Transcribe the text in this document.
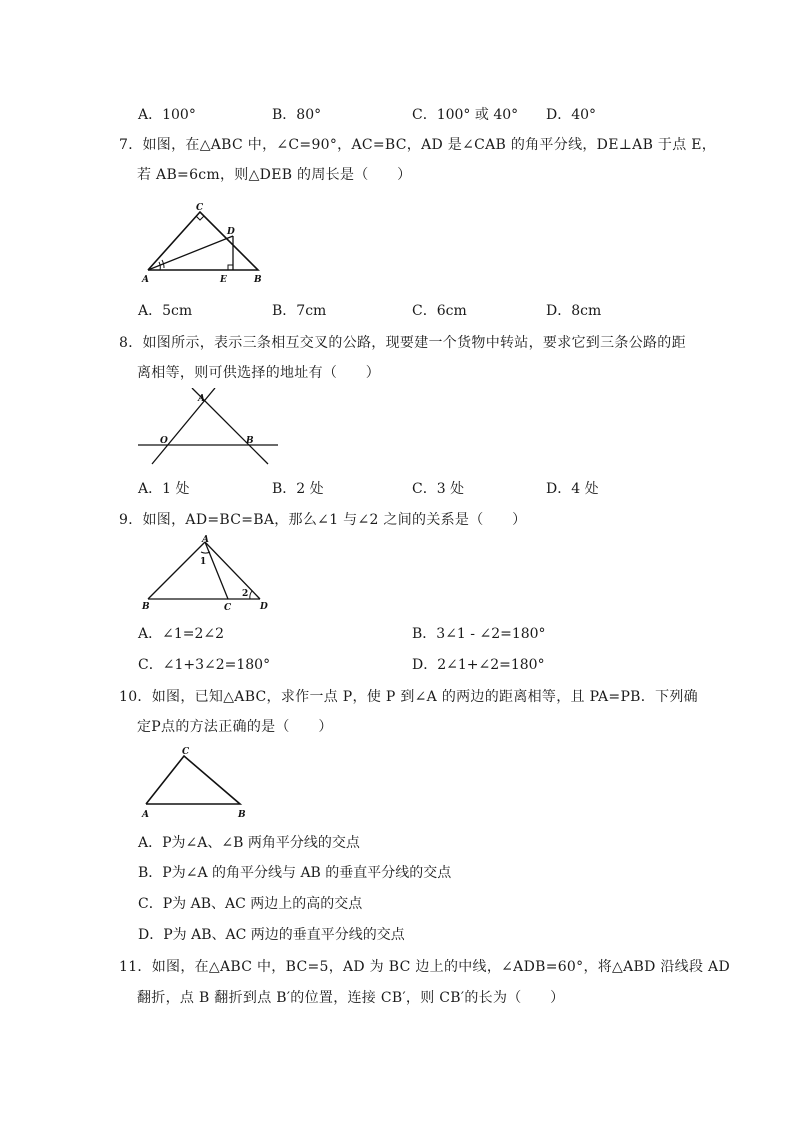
A．100°	B．80°	C．100° 或 40° D．40°
7．如图，在△ABC 中，∠C=90°，AC=BC，AD 是∠CAB 的角平分线，DE⊥AB 于点 E，
若 AB=6cm，则△DEB 的周长是（　　）
C
D
A	E	B
A．5cm	B．7cm	C．6cm	D．8cm
8．如图所示，表示三条相互交叉的公路，现要建一个货物中转站，要求它到三条公路的距
离相等，则可供选择的地址有（　　）
A
O	B
A．1 处	B．2 处	C．3 处	D．4 处
9．如图，AD=BC=BA，那么∠1 与∠2 之间的关系是（　　）
A
1
B	C
2
D
A．∠1=2∠2	B．3∠1 - ∠2=180°
C．∠1+3∠2=180°	D．2∠1+∠2=180°
10．如图，已知△ABC，求作一点 P，使 P 到∠A 的两边的距离相等，且 PA=PB．下列确
定P点的方法正确的是（　　）
C
A	B
A．P为∠A、∠B 两角平分线的交点
B．P为∠A 的角平分线与 AB 的垂直平分线的交点
C．P为 AB、AC 两边上的高的交点
D．P为 AB、AC 两边的垂直平分线的交点
11．如图，在△ABC 中，BC=5，AD 为 BC 边上的中线，∠ADB=60°，将△ABD 沿线段 AD
翻折，点 B 翻折到点 B′的位置，连接 CB′，则 CB′的长为（　　）
